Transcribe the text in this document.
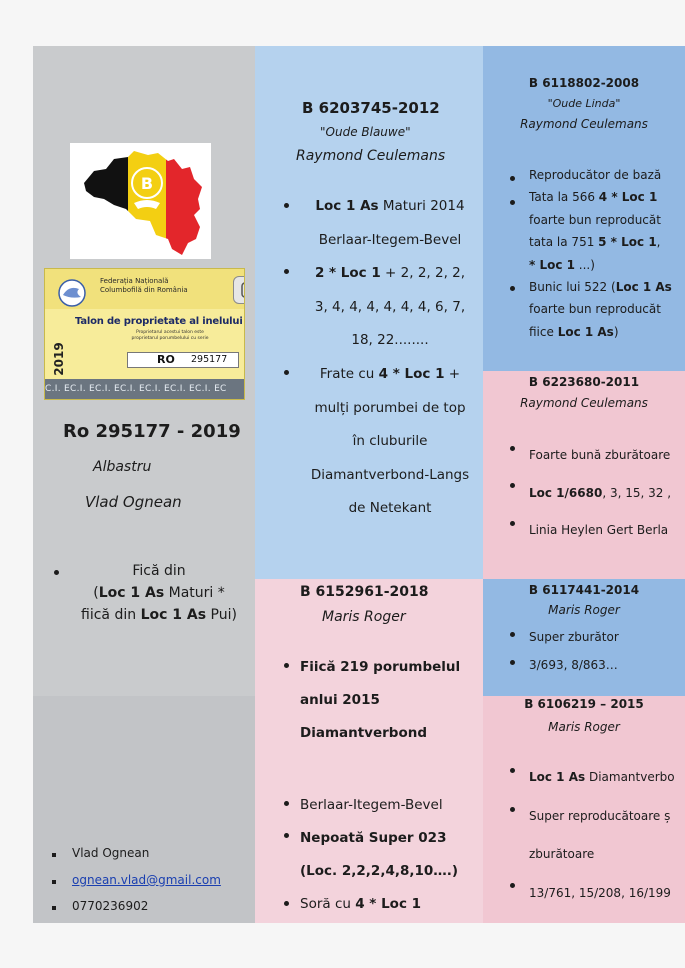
B
Federația Națională
Columbofilă din România
Talon de proprietate al inelului
Proprietarul acestui talon este
proprietarul porumbelului cu serie
2019	RO 295177
C.I. EC.I. EC.I. EC.I. EC.I. EC.I. EC.I. EC
Ro 295177 - 2019
Albastru
Vlad Ognean
Fică din
(Loc 1 As Maturi *
fiică din Loc 1 As Pui)
Vlad Ognean
ognean.vlad@gmail.com
0770236902
B 6203745-2012
"Oude Blauwe"
Raymond Ceulemans
Loc 1 As Maturi 2014
Berlaar-Itegem-Bevel
2 * Loc 1 + 2, 2, 2, 2,
3, 4, 4, 4, 4, 4, 4, 6, 7,
18, 22........
Frate cu 4 * Loc 1 +
mulți porumbei de top
în cluburile
Diamantverbond-Langs
de Netekant
B 6152961-2018
Maris Roger
Fiică 219 porumbelul
anlui 2015
Diamantverbond
Berlaar-Itegem-Bevel
Nepoată Super 023
(Loc. 2,2,2,4,8,10….)
Soră cu 4 * Loc 1
B 6118802-2008
"Oude Linda"
Raymond Ceulemans
Reproducător de bază
Tata la 566 4 * Loc 1
foarte bun reproducăt
tata la 751 5 * Loc 1,
* Loc 1 ...)
Bunic lui 522 (Loc 1 As
foarte bun reproducăt
fiice Loc 1 As)
B 6223680-2011
Raymond Ceulemans
Foarte bună zburătoare
Loc 1/6680, 3, 15, 32 ,
Linia Heylen Gert Berla
B 6117441-2014
Maris Roger
Super zburător
3/693, 8/863…
B 6106219 – 2015
Maris Roger
Loc 1 As Diamantverbo
Super reproducătoare ș
zburătoare
13/761, 15/208, 16/199
